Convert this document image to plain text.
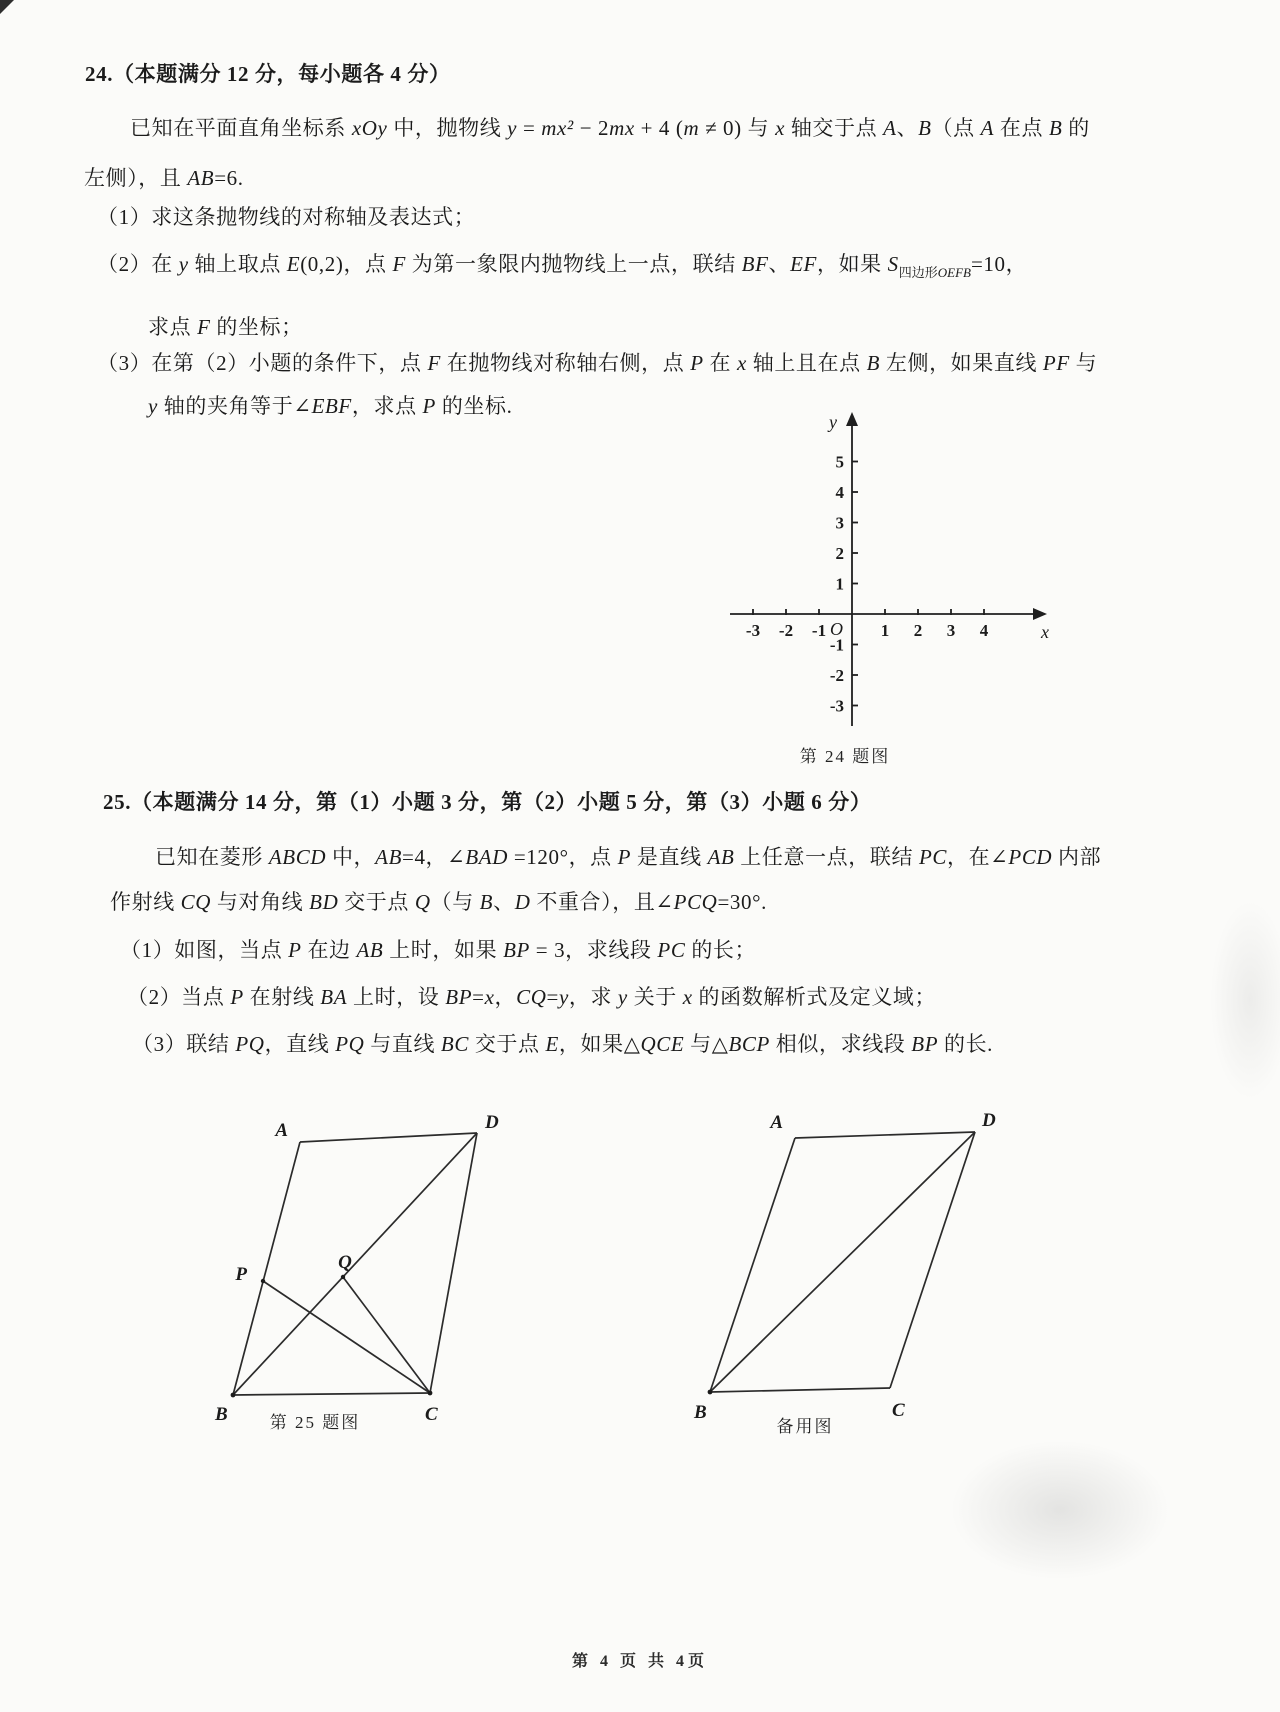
24.（本题满分 12 分，每小题各 4 分）
已知在平面直角坐标系 xOy 中，抛物线 y = mx² − 2mx + 4 (m ≠ 0) 与 x 轴交于点 A、B（点 A 在点 B 的
左侧），且 AB=6.
（1）求这条抛物线的对称轴及表达式；
（2）在 y 轴上取点 E(0,2)，点 F 为第一象限内抛物线上一点，联结 BF、EF，如果 $S_{四边形OEFB}=10$，
求点 F 的坐标；
（3）在第（2）小题的条件下，点 F 在抛物线对称轴右侧，点 P 在 x 轴上且在点 B 左侧，如果直线 PF 与
y 轴的夹角等于∠EBF，求点 P 的坐标.
-3 -2 -1	1 2 3 4
5
4
3
2
1
-1
-2
-3
y
x
O
第 24 题图
25.（本题满分 14 分，第（1）小题 3 分，第（2）小题 5 分，第（3）小题 6 分）
已知在菱形 ABCD 中，AB=4，∠BAD =120°，点 P 是直线 AB 上任意一点，联结 PC，在∠PCD 内部
作射线 CQ 与对角线 BD 交于点 Q（与 B、D 不重合），且∠PCQ=30°.
（1）如图，当点 P 在边 AB 上时，如果 BP = 3，求线段 PC 的长；
（2）当点 P 在射线 BA 上时，设 BP=x，CQ=y，求 y 关于 x 的函数解析式及定义域；
（3）联结 PQ，直线 PQ 与直线 BC 交于点 E，如果△QCE 与△BCP 相似，求线段 BP 的长.
A	D
B	C
P
Q
第 25 题图
A	D
B	C
备用图
第 4 页 共 4页
